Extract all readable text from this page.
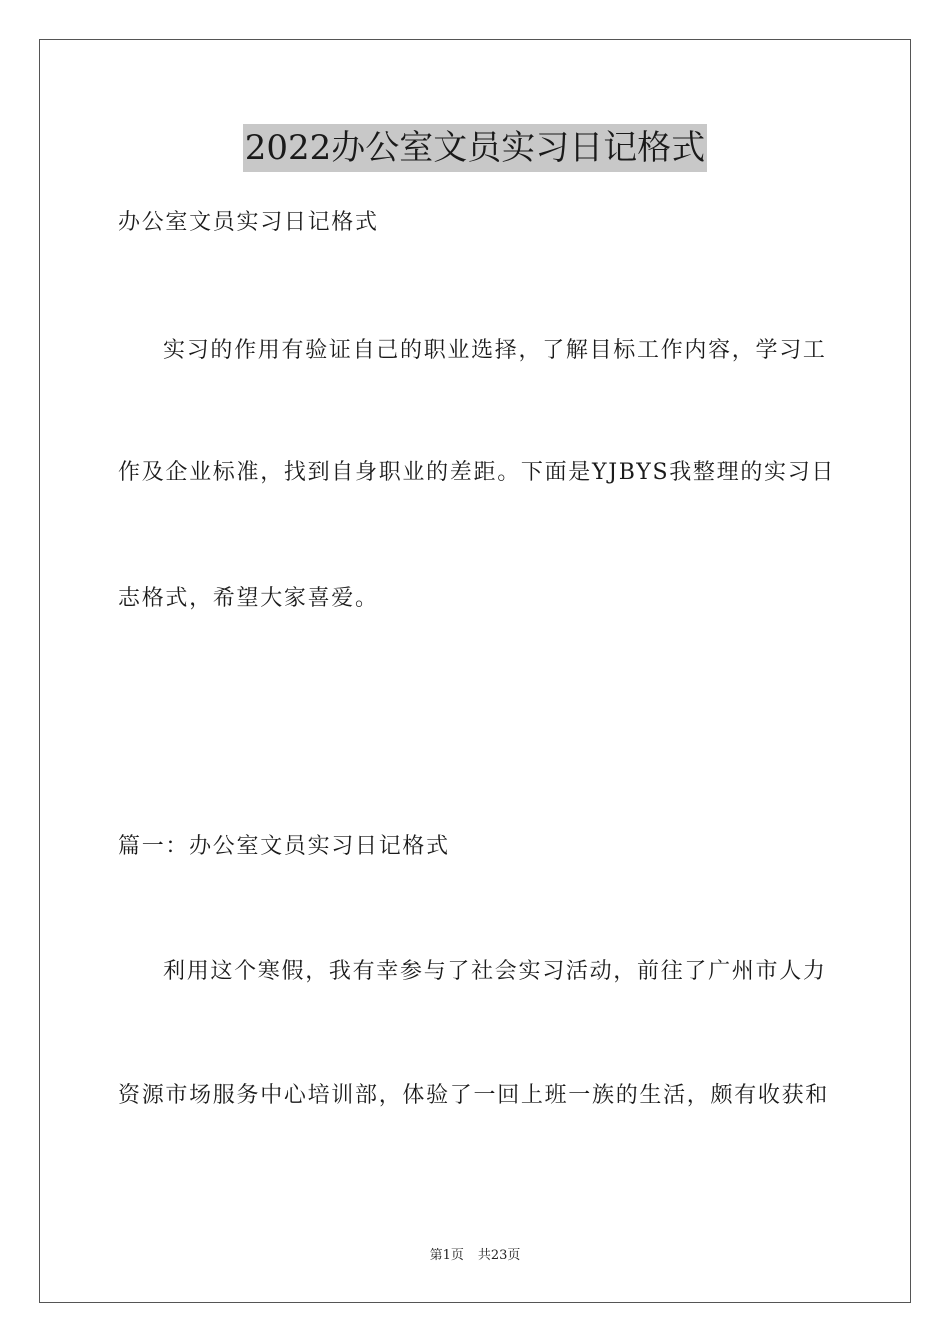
2022办公室文员实习日记格式
办公室文员实习日记格式
实习的作用有验证自己的职业选择，了解目标工作内容，学习工
作及企业标准，找到自身职业的差距。下面是YJBYS我整理的实习日
志格式，希望大家喜爱。
篇一：办公室文员实习日记格式
利用这个寒假，我有幸参与了社会实习活动，前往了广州市人力
资源市场服务中心培训部，体验了一回上班一族的生活，颇有收获和
第1页 共23页
